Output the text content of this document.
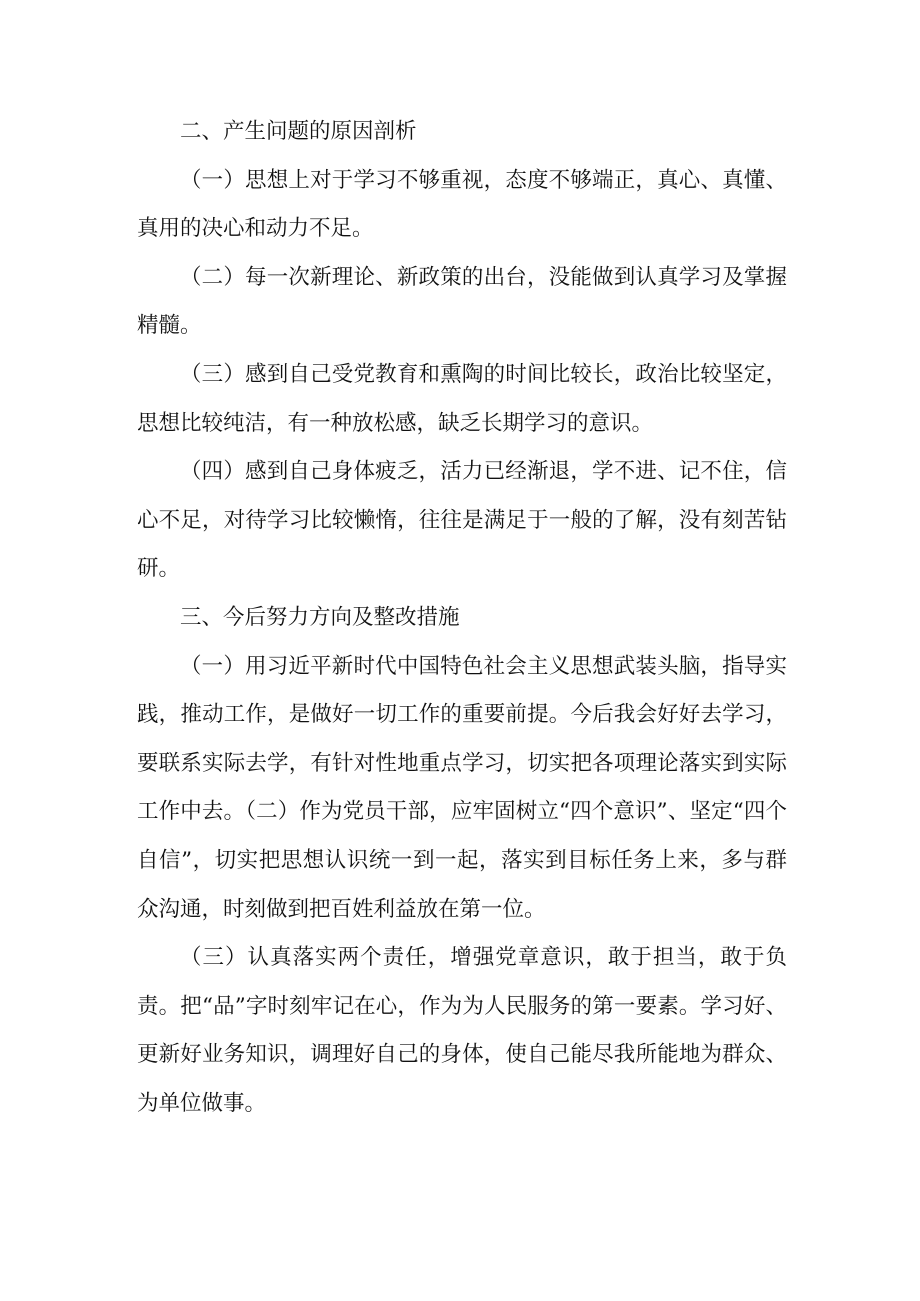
二、产生问题的原因剖析

（一）思想上对于学习不够重视，态度不够端正，真心、真懂、真用的决心和动力不足。

（二）每一次新理论、新政策的出台，没能做到认真学习及掌握精髓。

（三）感到自己受党教育和熏陶的时间比较长，政治比较坚定，思想比较纯洁，有一种放松感，缺乏长期学习的意识。

（四）感到自己身体疲乏，活力已经渐退，学不进、记不住，信心不足，对待学习比较懒惰，往往是满足于一般的了解，没有刻苦钻研。

三、今后努力方向及整改措施

（一）用习近平新时代中国特色社会主义思想武装头脑，指导实践，推动工作，是做好一切工作的重要前提。今后我会好好去学习，要联系实际去学，有针对性地重点学习，切实把各项理论落实到实际工作中去。（二）作为党员干部，应牢固树立“四个意识”、坚定“四个自信”，切实把思想认识统一到一起，落实到目标任务上来，多与群众沟通，时刻做到把百姓利益放在第一位。

（三）认真落实两个责任，增强党章意识，敢于担当，敢于负责。把“品”字时刻牢记在心，作为为人民服务的第一要素。学习好、更新好业务知识，调理好自己的身体，使自己能尽我所能地为群众、为单位做事。
